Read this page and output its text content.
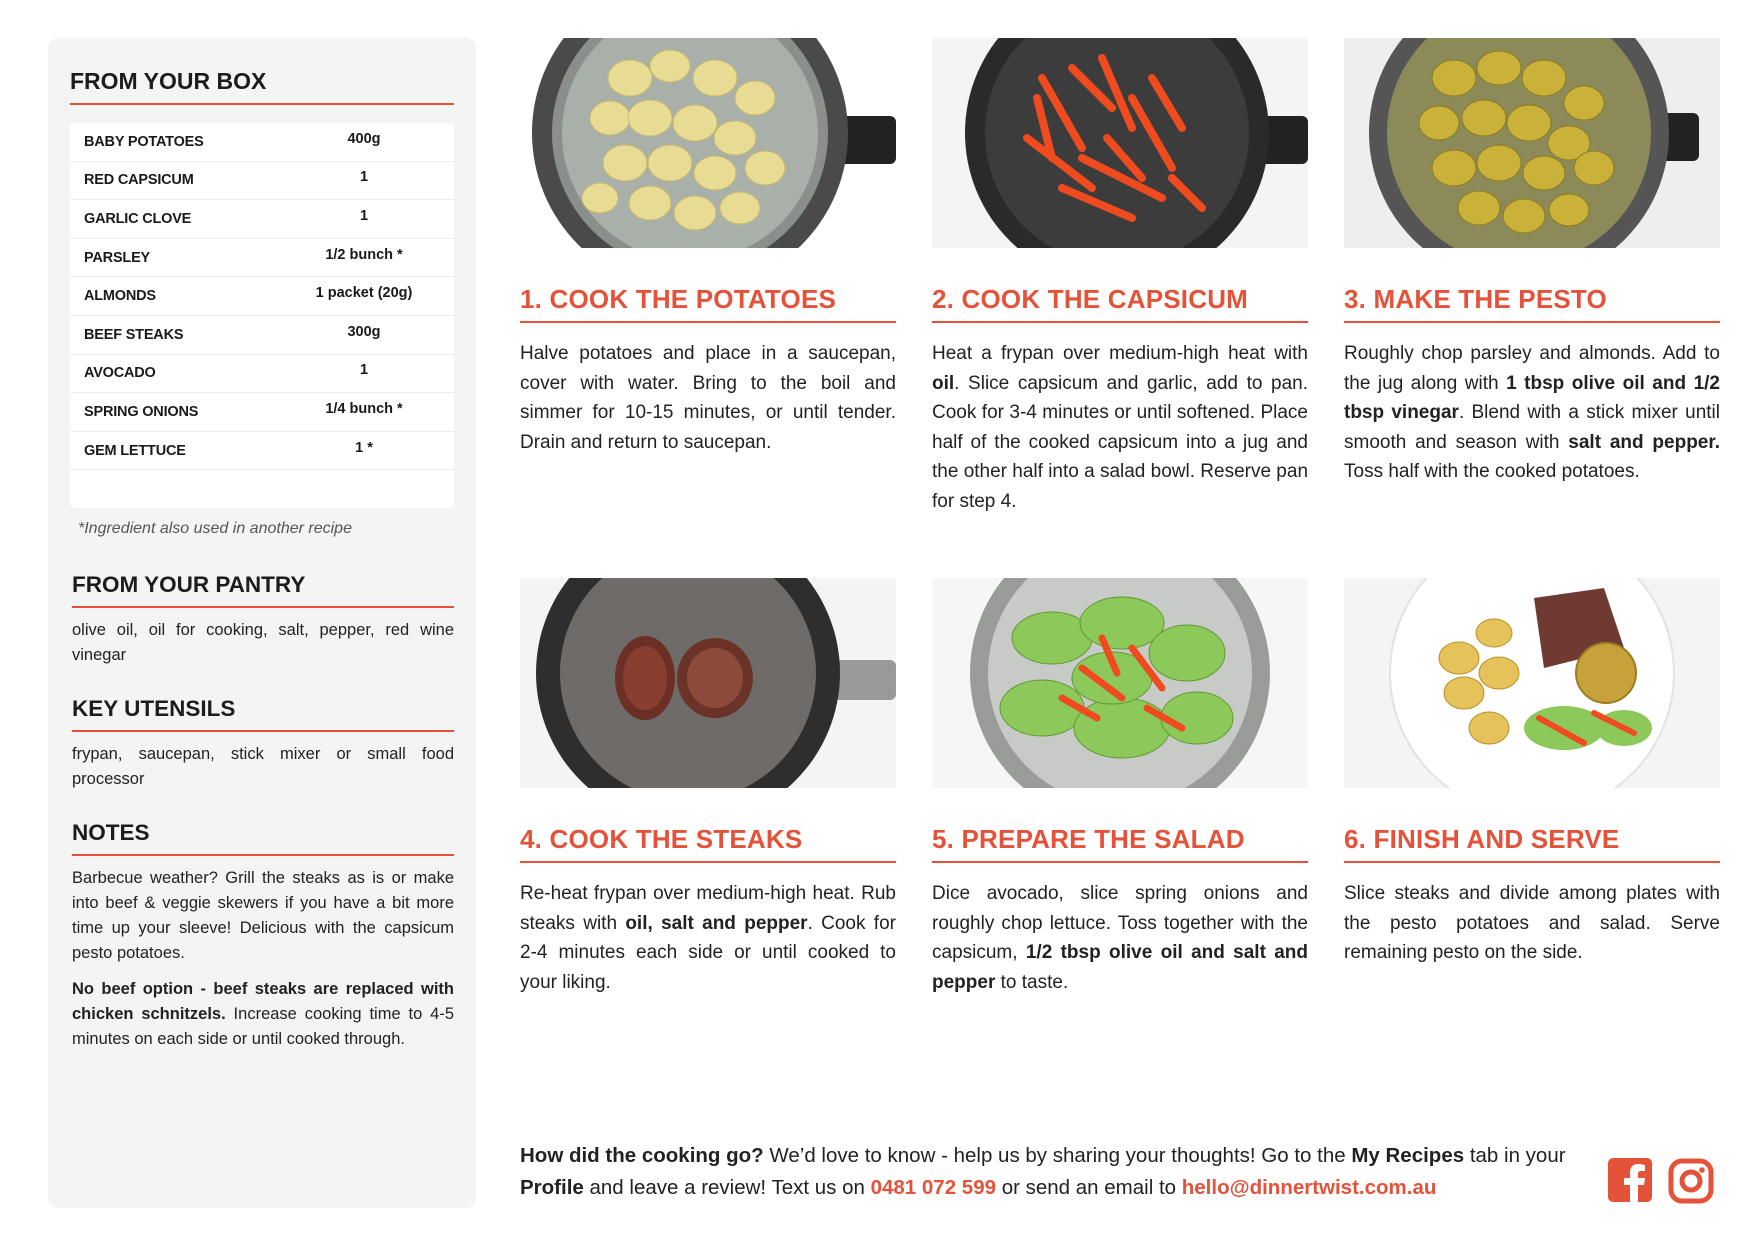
FROM YOUR BOX
BABY POTATOES	400g
RED CAPSICUM	1
GARLIC CLOVE	1
PARSLEY	1/2 bunch *
ALMONDS	1 packet (20g)
BEEF STEAKS	300g
AVOCADO	1
SPRING ONIONS	1/4 bunch *
GEM LETTUCE	1 *
*Ingredient also used in another recipe
FROM YOUR PANTRY
olive oil, oil for cooking, salt, pepper, red wine vinegar
KEY UTENSILS
frypan, saucepan, stick mixer or small food processor
NOTES

Barbecue weather? Grill the steaks as is or make into beef & veggie skewers if you have a bit more time up your sleeve! Delicious with the capsicum pesto potatoes.

No beef option - beef steaks are replaced with chicken schnitzels. Increase cooking time to 4-5 minutes on each side or until cooked through.

1. COOK THE POTATOES
Halve potatoes and place in a saucepan, cover with water. Bring to the boil and simmer for 10-15 minutes, or until tender. Drain and return to saucepan.
2. COOK THE CAPSICUM
Heat a frypan over medium-high heat with oil. Slice capsicum and garlic, add to pan. Cook for 3-4 minutes or until softened. Place half of the cooked capsicum into a jug and the other half into a salad bowl. Reserve pan for step 4.
3. MAKE THE PESTO
Roughly chop parsley and almonds. Add to the jug along with 1 tbsp olive oil and 1/2 tbsp vinegar. Blend with a stick mixer until smooth and season with salt and pepper. Toss half with the cooked potatoes.
4. COOK THE STEAKS
Re-heat frypan over medium-high heat. Rub steaks with oil, salt and pepper. Cook for 2-4 minutes each side or until cooked to your liking.
5. PREPARE THE SALAD
Dice avocado, slice spring onions and roughly chop lettuce. Toss together with the capsicum, 1/2 tbsp olive oil and salt and pepper to taste.
6. FINISH AND SERVE
Slice steaks and divide among plates with the pesto potatoes and salad. Serve remaining pesto on the side.
How did the cooking go? We’d love to know - help us by sharing your thoughts! Go to the My Recipes tab in your Profile and leave a review! Text us on 0481 072 599 or send an email to hello@dinnertwist.com.au
